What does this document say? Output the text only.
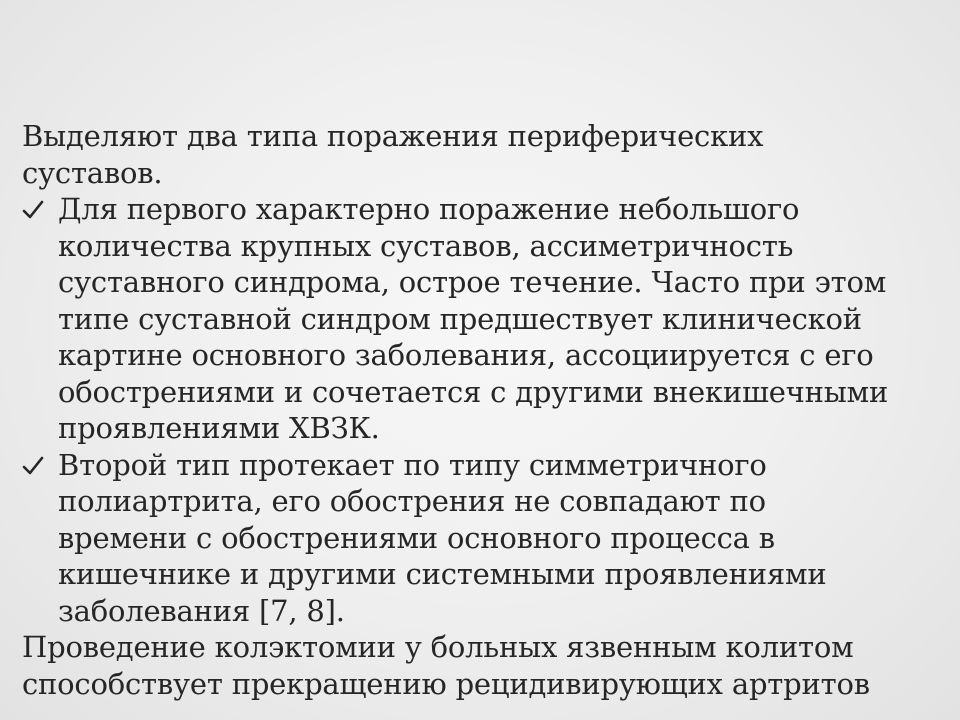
Выделяют два типа поражения периферических
суставов.

Для первого характерно поражение небольшого
количества крупных суставов, ассиметричность
суставного синдрома, острое течение. Часто при этом
типе суставной синдром предшествует клинической
картине основного заболевания, ассоциируется с его
обострениями и сочетается с другими внекишечными
проявлениями ХВЗК.
Второй тип протекает по типу симметричного
полиартрита, его обострения не совпадают по
времени с обострениями основного процесса в
кишечнике и другими системными проявлениями
заболевания [7, 8].

Проведение колэктомии у больных язвенным колитом
способствует прекращению рецидивирующих артритов
